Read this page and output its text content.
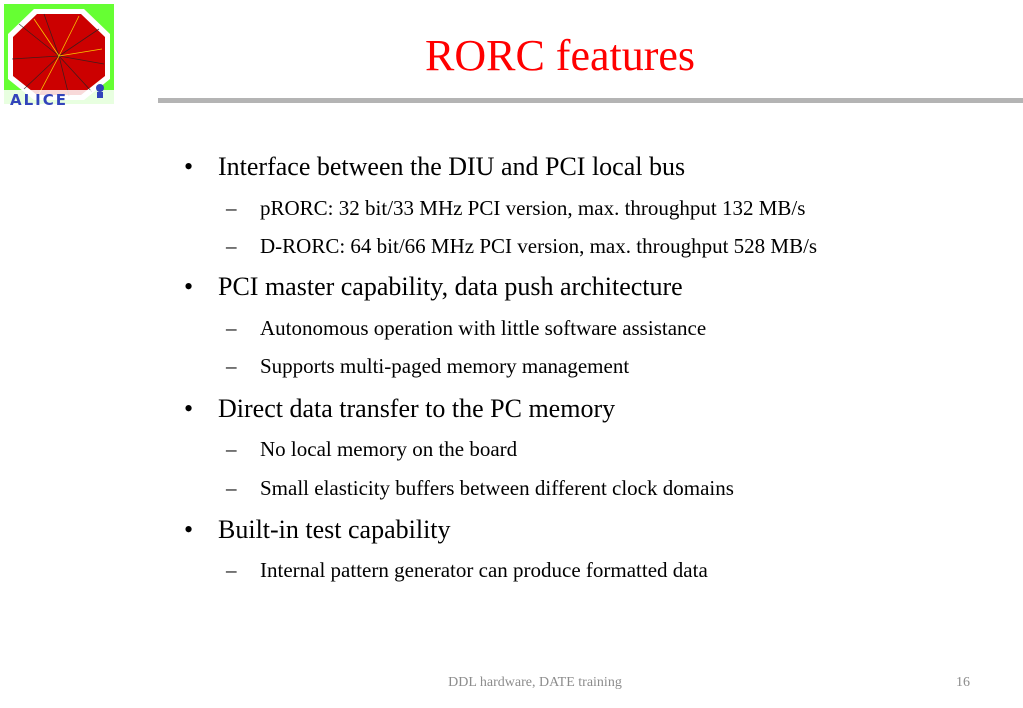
ALICE
RORC features
• Interface between the DIU and PCI local bus
– pRORC: 32 bit/33 MHz PCI version, max. throughput 132 MB/s
– D-RORC: 64 bit/66 MHz PCI version, max. throughput 528 MB/s
• PCI master capability, data push architecture
– Autonomous operation with little software assistance
– Supports multi-paged memory management
• Direct data transfer to the PC memory
– No local memory on the board
– Small elasticity buffers between different clock domains
• Built-in test capability
– Internal pattern generator can produce formatted data
DDL hardware, DATE training	16
